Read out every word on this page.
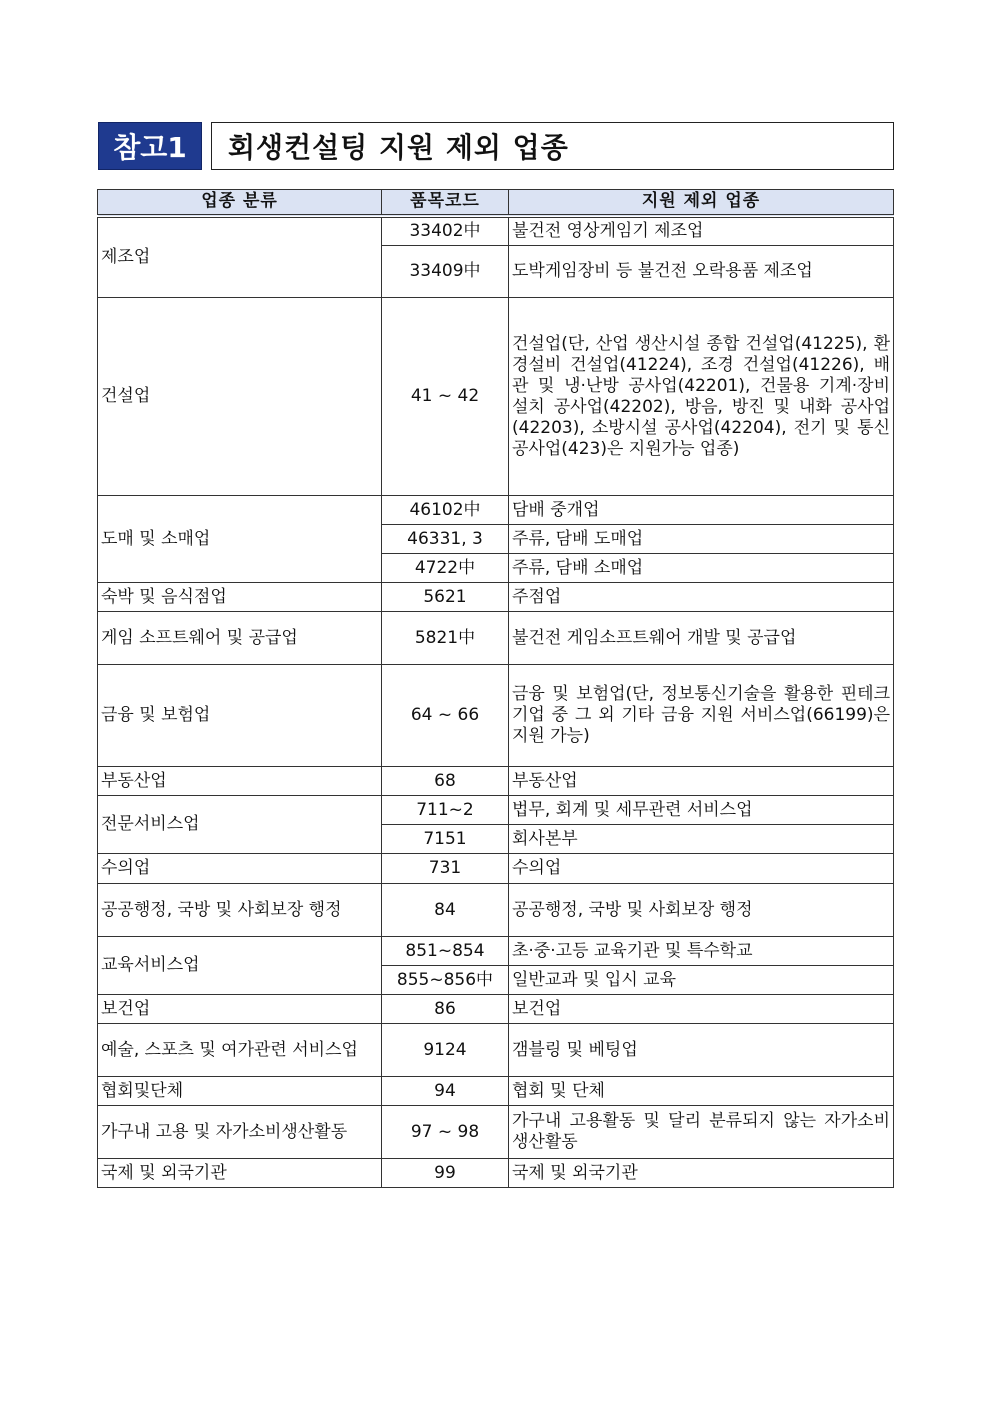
참고1	회생컨설팅 지원 제외 업종
업종 분류	품목코드	지원 제외 업종
제조업	33402中	불건전 영상게임기 제조업
	33409中	도박게임장비 등 불건전 오락용품 제조업
건설업	41 ~ 42	건설업(단, 산업 생산시설 종합 건설업(41225), 환경설비 건설업(41224), 조경 건설업(41226), 배관 및 냉·난방 공사업(42201), 건물용 기계·장비 설치 공사업(42202), 방음, 방진 및 내화 공사업(42203), 소방시설 공사업(42204), 전기 및 통신공사업(423)은 지원가능 업종)
도매 및 소매업	46102中	담배 중개업
	46331, 3	주류, 담배 도매업
	4722中	주류, 담배 소매업
숙박 및 음식점업	5621	주점업
게임 소프트웨어 및 공급업	5821中	불건전 게임소프트웨어 개발 및 공급업
금융 및 보험업	64 ~ 66	금융 및 보험업(단, 정보통신기술을 활용한 핀테크 기업 중 그 외 기타 금융 지원 서비스업(66199)은 지원 가능)
부동산업	68	부동산업
전문서비스업	711~2	법무, 회계 및 세무관련 서비스업
	7151	회사본부
수의업	731	수의업
공공행정, 국방 및 사회보장 행정	84	공공행정, 국방 및 사회보장 행정
교육서비스업	851~854	초·중·고등 교육기관 및 특수학교
	855~856中	일반교과 및 입시 교육
보건업	86	보건업
예술, 스포츠 및 여가관련 서비스업	9124	갬블링 및 베팅업
협회및단체	94	협회 및 단체
가구내 고용 및 자가소비생산활동	97 ~ 98	가구내 고용활동 및 달리 분류되지 않는 자가소비 생산활동
국제 및 외국기관	99	국제 및 외국기관
